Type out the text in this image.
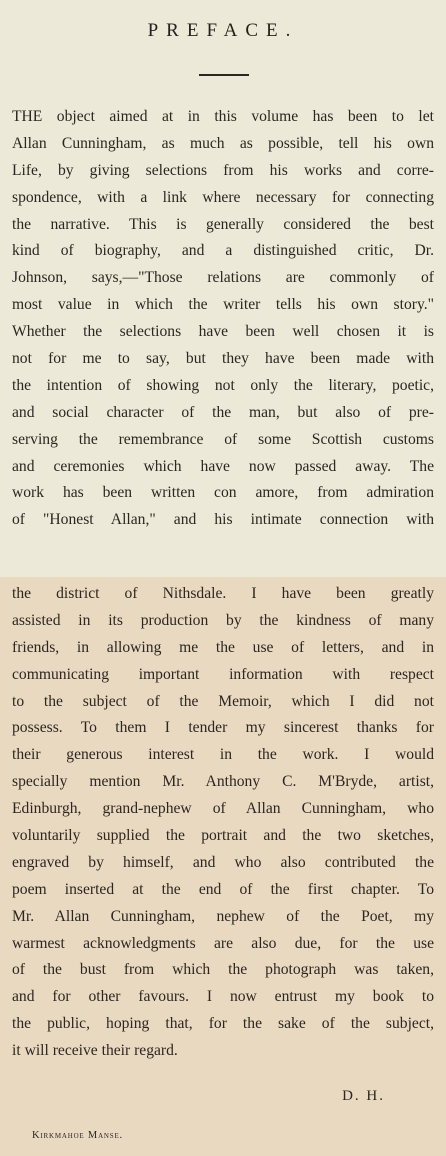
PREFACE.
THE object aimed at in this volume has been to let
Allan Cunningham, as much as possible, tell his own
Life, by giving selections from his works and corre-
spondence, with a link where necessary for connecting
the narrative. This is generally considered the best
kind of biography, and a distinguished critic, Dr.
Johnson, says,—"Those relations are commonly of
most value in which the writer tells his own story."
Whether the selections have been well chosen it is
not for me to say, but they have been made with
the intention of showing not only the literary, poetic,
and social character of the man, but also of pre-
serving the remembrance of some Scottish customs
and ceremonies which have now passed away. The
work has been written con amore, from admiration
of "Honest Allan," and his intimate connection with
the district of Nithsdale. I have been greatly
assisted in its production by the kindness of many
friends, in allowing me the use of letters, and in
communicating important information with respect
to the subject of the Memoir, which I did not
possess. To them I tender my sincerest thanks for
their generous interest in the work. I would
specially mention Mr. Anthony C. M'Bryde, artist,
Edinburgh, grand-nephew of Allan Cunningham, who
voluntarily supplied the portrait and the two sketches,
engraved by himself, and who also contributed the
poem inserted at the end of the first chapter. To
Mr. Allan Cunningham, nephew of the Poet, my
warmest acknowledgments are also due, for the use
of the bust from which the photograph was taken,
and for other favours. I now entrust my book to
the public, hoping that, for the sake of the subject,
it will receive their regard.
D. H.
Kirkmahoe Manse.
